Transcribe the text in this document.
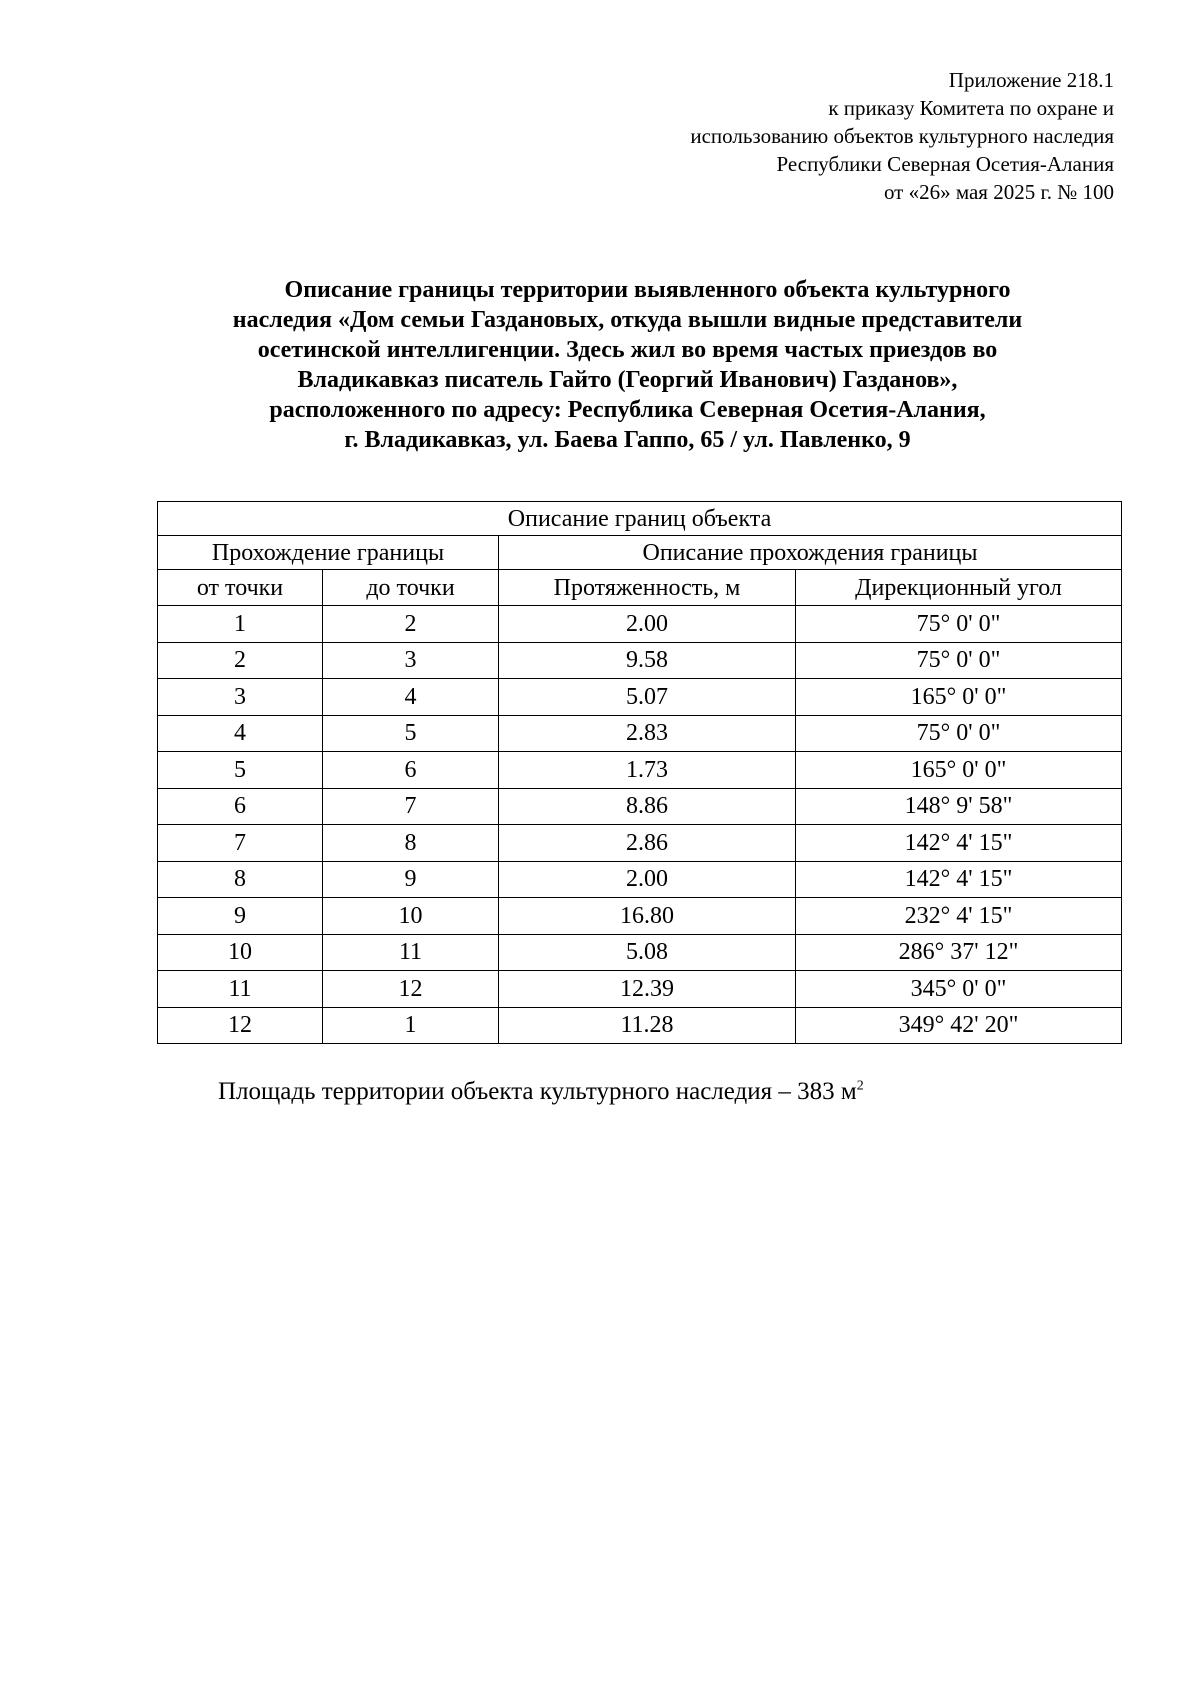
Приложение 218.1
к приказу Комитета по охране и
использованию объектов культурного наследия
Республики Северная Осетия-Алания
от «26» мая 2025 г. № 100
Описание границы территории выявленного объекта культурного
наследия «Дом семьи Газдановых, откуда вышли видные представители
осетинской интеллигенции. Здесь жил во время частых приездов во
Владикавказ писатель Гайто (Георгий Иванович) Газданов»,
расположенного по адресу: Республика Северная Осетия-Алания,
г. Владикавказ, ул. Баева Гаппо, 65 / ул. Павленко, 9
Описание границ объекта			
Прохождение границы		Описание прохождения границы	
от точки	до точки	Протяженность, м	Дирекционный угол
1	2	2.00	75° 0' 0"
2	3	9.58	75° 0' 0"
3	4	5.07	165° 0' 0"
4	5	2.83	75° 0' 0"
5	6	1.73	165° 0' 0"
6	7	8.86	148° 9' 58"
7	8	2.86	142° 4' 15"
8	9	2.00	142° 4' 15"
9	10	16.80	232° 4' 15"
10	11	5.08	286° 37' 12"
11	12	12.39	345° 0' 0"
12	1	11.28	349° 42' 20"
Площадь территории объекта культурного наследия – 383 $м^2$
